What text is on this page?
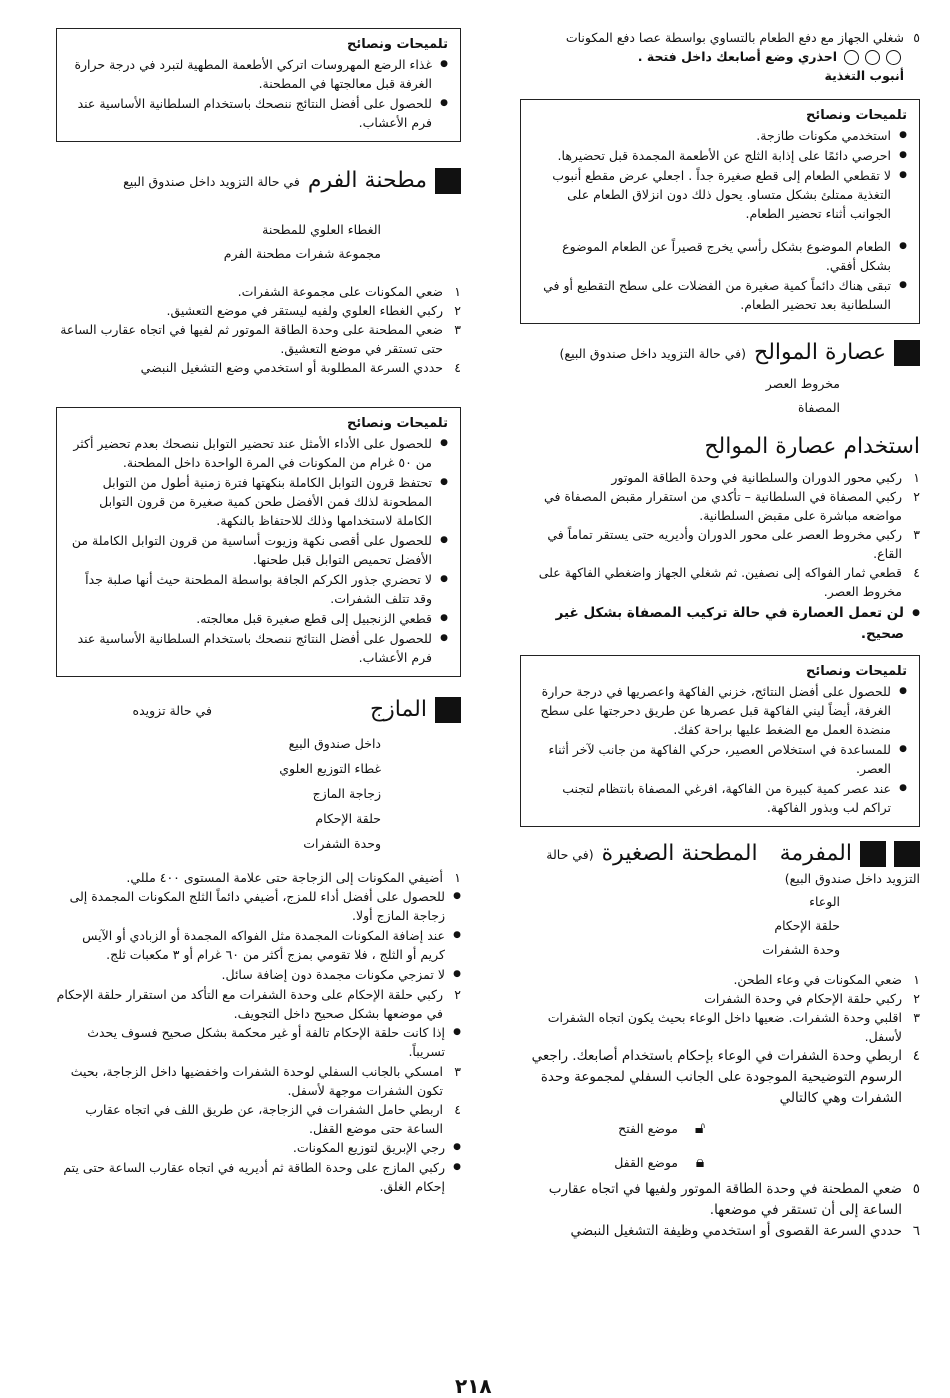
٥
شغلي الجهاز مع دفع الطعام بالتساوي بواسطة عصا دفع المكونات
احذري وضع أصابعك داخل فتحة .
أنبوب التغذية
تلميحات ونصائح
● استخدمي مكونات طازجة.
● احرصي دائمًا على إذابة الثلج عن الأطعمة المجمدة قبل تحضيرها.
● لا تقطعي الطعام إلى قطع صغيرة جداً . اجعلي عرض مقطع أنبوب التغذية ممتلئ بشكل متساو. يحول ذلك دون انزلاق الطعام على الجوانب أثناء تحضير الطعام.
● الطعام الموضوع بشكل رأسي يخرج قصيراً عن الطعام الموضوع بشكل أفقي.
● تبقى هناك دائماً كمية صغيرة من الفضلات على سطح التقطيع أو في السلطانية بعد تحضير الطعام.
عصارة الموالح
(في حالة التزويد داخل صندوق البيع)
مخروط العصر
المصفاة
استخدام عصارة الموالح
١
ركبي محور الدوران والسلطانية في وحدة الطاقة الموتور
٢
ركبي المصفاة في السلطانية – تأكدي من استقرار مقبض المصفاة في مواضعه مباشرة على مقبض السلطانية.
٣
ركبي مخروط العصر على محور الدوران وأديريه حتى يستقر تماماً في القاع.
٤
قطعي ثمار الفواكه إلى نصفين. ثم شغلي الجهاز واضغطي الفاكهة على مخروط العصر.
● لن تعمل العصارة في حالة تركيب المصفاة بشكل غير صحيح.
تلميحات ونصائح
● للحصول على أفضل النتائج، خزني الفاكهة واعصريها في درجة حرارة الغرفة، أيضاً ليني الفاكهة قبل عصرها عن طريق دحرجتها على سطح منضدة العمل مع الضغط عليها براحة كفك.
● للمساعدة في استخلاص العصير، حركي الفاكهة من جانب لآخر أثناء العصر.
● عند عصر كمية كبيرة من الفاكهة، افرغي المصفاة بانتظام لتجنب تراكم لب وبذور الفاكهة.
المفرمة
المطحنة الصغيرة
(في حالة
التزويد داخل صندوق البيع)
الوعاء
حلقة الإحكام
وحدة الشفرات
١
ضعي المكونات في وعاء الطحن.
٢
ركبي حلقة الإحكام في وحدة الشفرات
٣
اقلبي وحدة الشفرات. ضعيها داخل الوعاء بحيث يكون اتجاه الشفرات لأسفل.
٤
اربطي وحدة الشفرات في الوعاء بإحكام باستخدام أصابعك. راجعي الرسوم التوضيحية الموجودة على الجانب السفلي لمجموعة وحدة الشفرات وهي كالتالي
🔓︎
موضع الفتح
🔒︎
موضع القفل
٥
ضعي المطحنة في وحدة الطاقة الموتور ولفيها في اتجاه عقارب الساعة إلى أن تستقر في موضعها.
٦
حددي السرعة القصوى أو استخدمي وظيفة التشغيل النبضي
تلميحات ونصائح
● غذاء الرضع المهروسات اتركي الأطعمة المطهية لتبرد في درجة حرارة الغرفة قبل معالجتها في المطحنة.
● للحصول على أفضل النتائج ننصحك باستخدام السلطانية الأساسية عند فرم الأعشاب.
مطحنة الفرم
في حالة التزويد داخل صندوق البيع
الغطاء العلوي للمطحنة
مجموعة شفرات مطحنة الفرم
١
ضعي المكونات على مجموعة الشفرات.
٢
ركبي الغطاء العلوي ولفيه ليستقر في موضع التعشيق.
٣
ضعي المطحنة على وحدة الطاقة الموتور ثم لفيها في اتجاه عقارب الساعة حتى تستقر في موضع التعشيق.
٤
حددي السرعة المطلوبة أو استخدمي وضع التشغيل النبضي
تلميحات ونصائح
● للحصول على الأداء الأمثل عند تحضير التوابل ننصحك بعدم تحضير أكثر من ٥٠ غرام من المكونات في المرة الواحدة داخل المطحنة.
● تحتفظ قرون التوابل الكاملة بنكهتها فترة زمنية أطول من التوابل المطحونة لذلك فمن الأفضل طحن كمية صغيرة من قرون التوابل الكاملة لاستخدامها وذلك للاحتفاظ بالنكهة.
● للحصول على أقصى نكهة وزيوت أساسية من قرون التوابل الكاملة من الأفضل تحميص التوابل قبل طحنها.
● لا تحضري جذور الكركم الجافة بواسطة المطحنة حيث أنها صلبة جداً وقد تتلف الشفرات.
● قطعي الزنجبيل إلى قطع صغيرة قبل معالجته.
● للحصول على أفضل النتائج ننصحك باستخدام السلطانية الأساسية عند فرم الأعشاب.
المازج
في حالة تزويده
داخل صندوق البيع
غطاء التوزيع العلوي
زجاجة المازج
حلقة الإحكام
وحدة الشفرات
١
أضيفي المكونات إلى الزجاجة حتى علامة المستوى ٤٠٠ مللي.
● للحصول على أفضل أداء للمزج، أضيفي دائماً الثلج المكونات المجمدة إلى زجاجة المازج أولا.
● عند إضافة المكونات المجمدة مثل الفواكه المجمدة أو الزبادي أو الآيس كريم أو الثلج ، فلا تقومي بمزج أكثر من ٦٠ غرام أو ٣ مكعبات ثلج.
● لا تمزجي مكونات مجمدة دون إضافة سائل.
٢
ركبي حلقة الإحكام على وحدة الشفرات مع التأكد من استقرار حلقة الإحكام في موضعها بشكل صحيح داخل التجويف.
● إذا كانت حلقة الإحكام تالفة أو غير محكمة بشكل صحيح فسوف يحدث تسريباً.
٣
امسكي بالجانب السفلي لوحدة الشفرات واخفضيها داخل الزجاجة، بحيث تكون الشفرات موجهة لأسفل.
٤
اربطي حامل الشفرات في الزجاجة، عن طريق اللف في اتجاه عقارب الساعة حتى موضع القفل.
● رجي الإبريق لتوزيع المكونات.
● ركبي المازج على وحدة الطاقة ثم أديريه في اتجاه عقارب الساعة حتى يتم إحكام الغلق.
٢١٨
